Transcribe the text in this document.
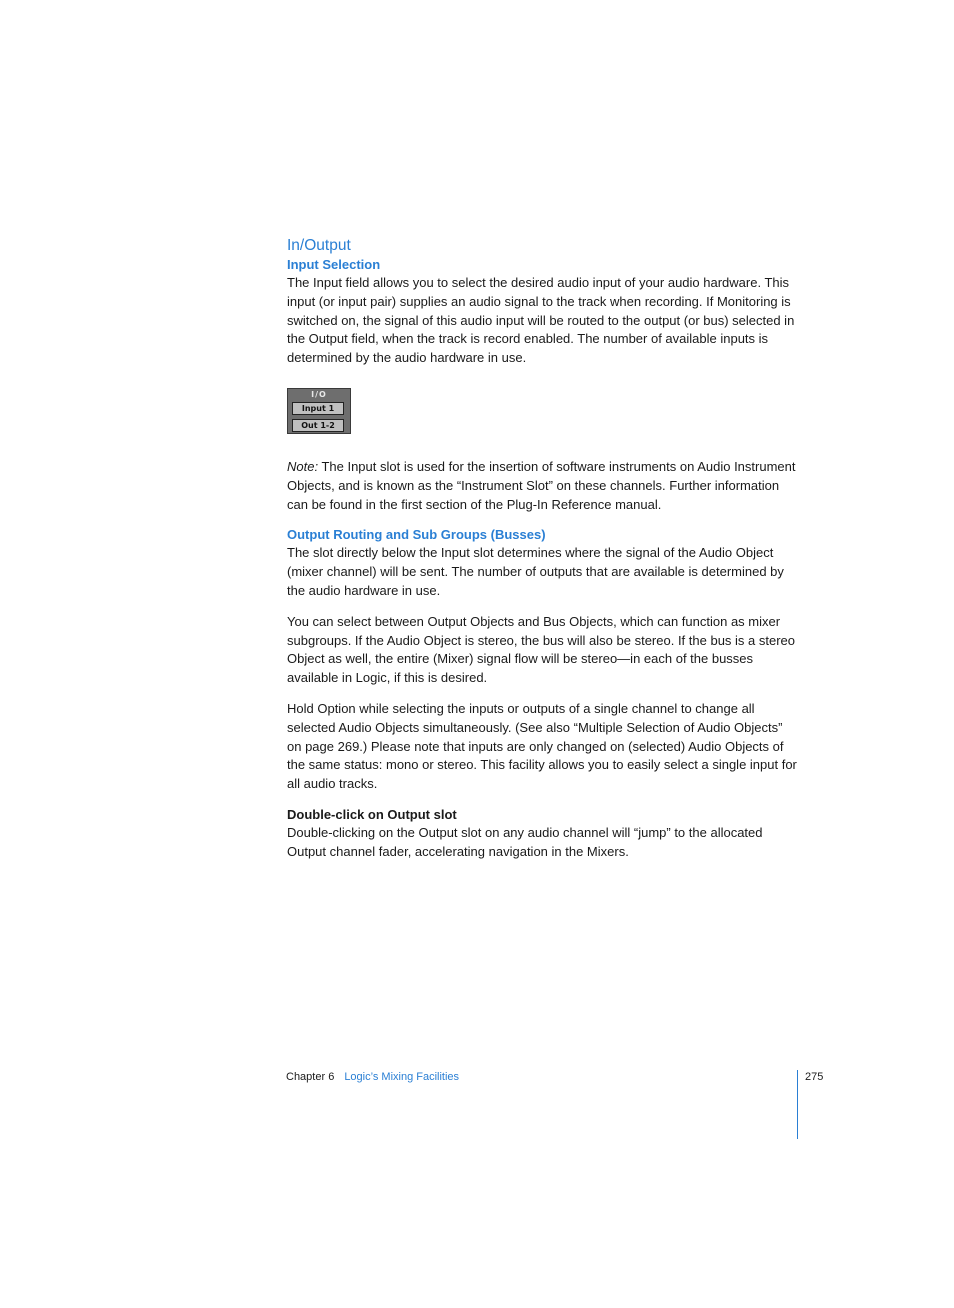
In/Output
Input Selection

The Input field allows you to select the desired audio input of your audio hardware. This input (or input pair) supplies an audio signal to the track when recording. If Monitoring is switched on, the signal of this audio input will be routed to the output (or bus) selected in the Output field, when the track is record enabled. The number of available inputs is determined by the audio hardware in use.

I/O
Input 1
Out 1-2

Note: The Input slot is used for the insertion of software instruments on Audio Instrument Objects, and is known as the “Instrument Slot” on these channels. Further information can be found in the first section of the Plug-In Reference manual.

Output Routing and Sub Groups (Busses)

The slot directly below the Input slot determines where the signal of the Audio Object (mixer channel) will be sent. The number of outputs that are available is determined by the audio hardware in use.

You can select between Output Objects and Bus Objects, which can function as mixer subgroups. If the Audio Object is stereo, the bus will also be stereo. If the bus is a stereo Object as well, the entire (Mixer) signal flow will be stereo—in each of the busses available in Logic, if this is desired.

Hold Option while selecting the inputs or outputs of a single channel to change all selected Audio Objects simultaneously. (See also “Multiple Selection of Audio Objects” on page 269.) Please note that inputs are only changed on (selected) Audio Objects of the same status: mono or stereo. This facility allows you to easily select a single input for all audio tracks.

Double-click on Output slot

Double-clicking on the Output slot on any audio channel will “jump” to the allocated Output channel fader, accelerating navigation in the Mixers.

Chapter 6 Logic’s Mixing Facilities	275
